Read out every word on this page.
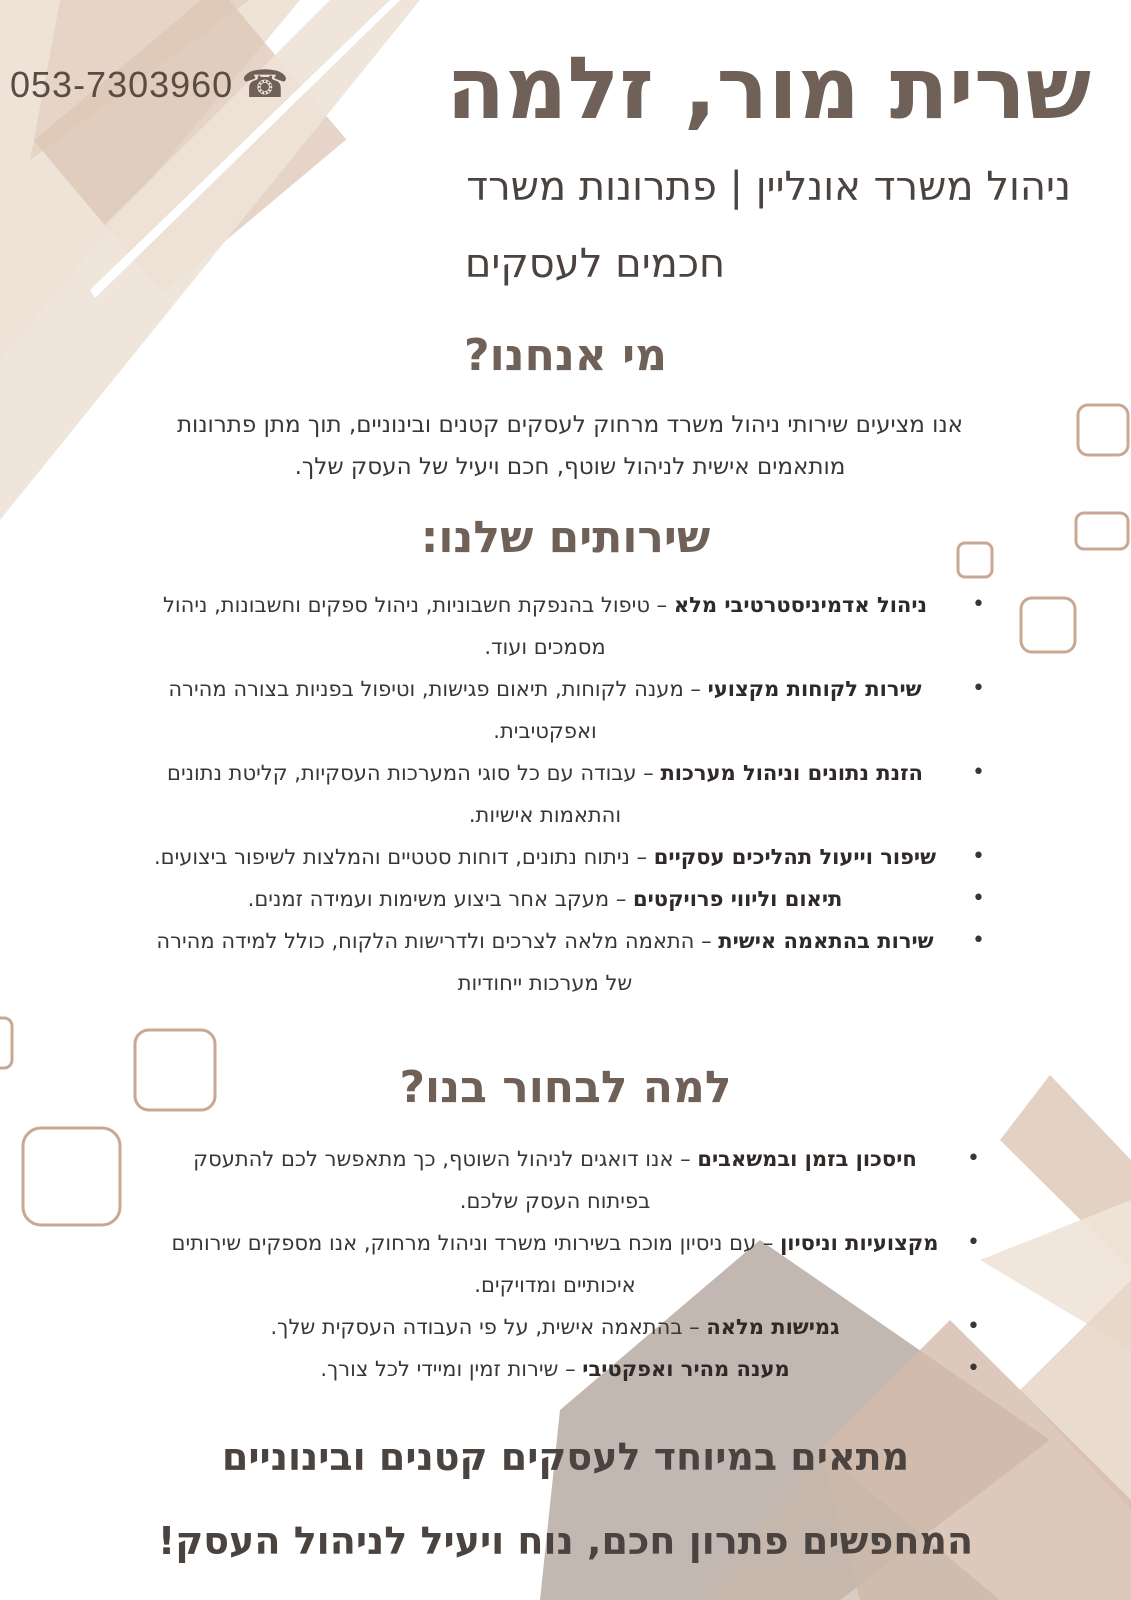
053-7303960 ☎	שרית מור, זלמה
ניהול משרד אונליין | פתרונות משרד
חכמים לעסקים
מי אנחנו?

אנו מציעים שירותי ניהול משרד מרחוק לעסקים קטנים ובינוניים, תוך מתן פתרונות מותאמים אישית לניהול שוטף, חכם ויעיל של העסק שלך.

שירותים שלנו:
•
ניהול אדמיניסטרטיבי מלא – טיפול בהנפקת חשבוניות, ניהול ספקים וחשבונות, ניהול מסמכים ועוד.
•
שירות לקוחות מקצועי – מענה לקוחות, תיאום פגישות, וטיפול בפניות בצורה מהירה ואפקטיבית.
•
הזנת נתונים וניהול מערכות – עבודה עם כל סוגי המערכות העסקיות, קליטת נתונים והתאמות אישיות.
•
שיפור וייעול תהליכים עסקיים – ניתוח נתונים, דוחות סטטיים והמלצות לשיפור ביצועים.
•
תיאום וליווי פרויקטים – מעקב אחר ביצוע משימות ועמידה זמנים.
•
שירות בהתאמה אישית – התאמה מלאה לצרכים ולדרישות הלקוח, כולל למידה מהירה של מערכות ייחודיות
למה לבחור בנו?
•
חיסכון בזמן ובמשאבים – אנו דואגים לניהול השוטף, כך מתאפשר לכם להתעסק בפיתוח העסק שלכם.
•
מקצועיות וניסיון – עם ניסיון מוכח בשירותי משרד וניהול מרחוק, אנו מספקים שירותים איכותיים ומדויקים.
•
גמישות מלאה – בהתאמה אישית, על פי העבודה העסקית שלך.
•
מענה מהיר ואפקטיבי – שירות זמין ומיידי לכל צורך.
מתאים במיוחד לעסקים קטנים ובינוניים
המחפשים פתרון חכם, נוח ויעיל לניהול העסק!
